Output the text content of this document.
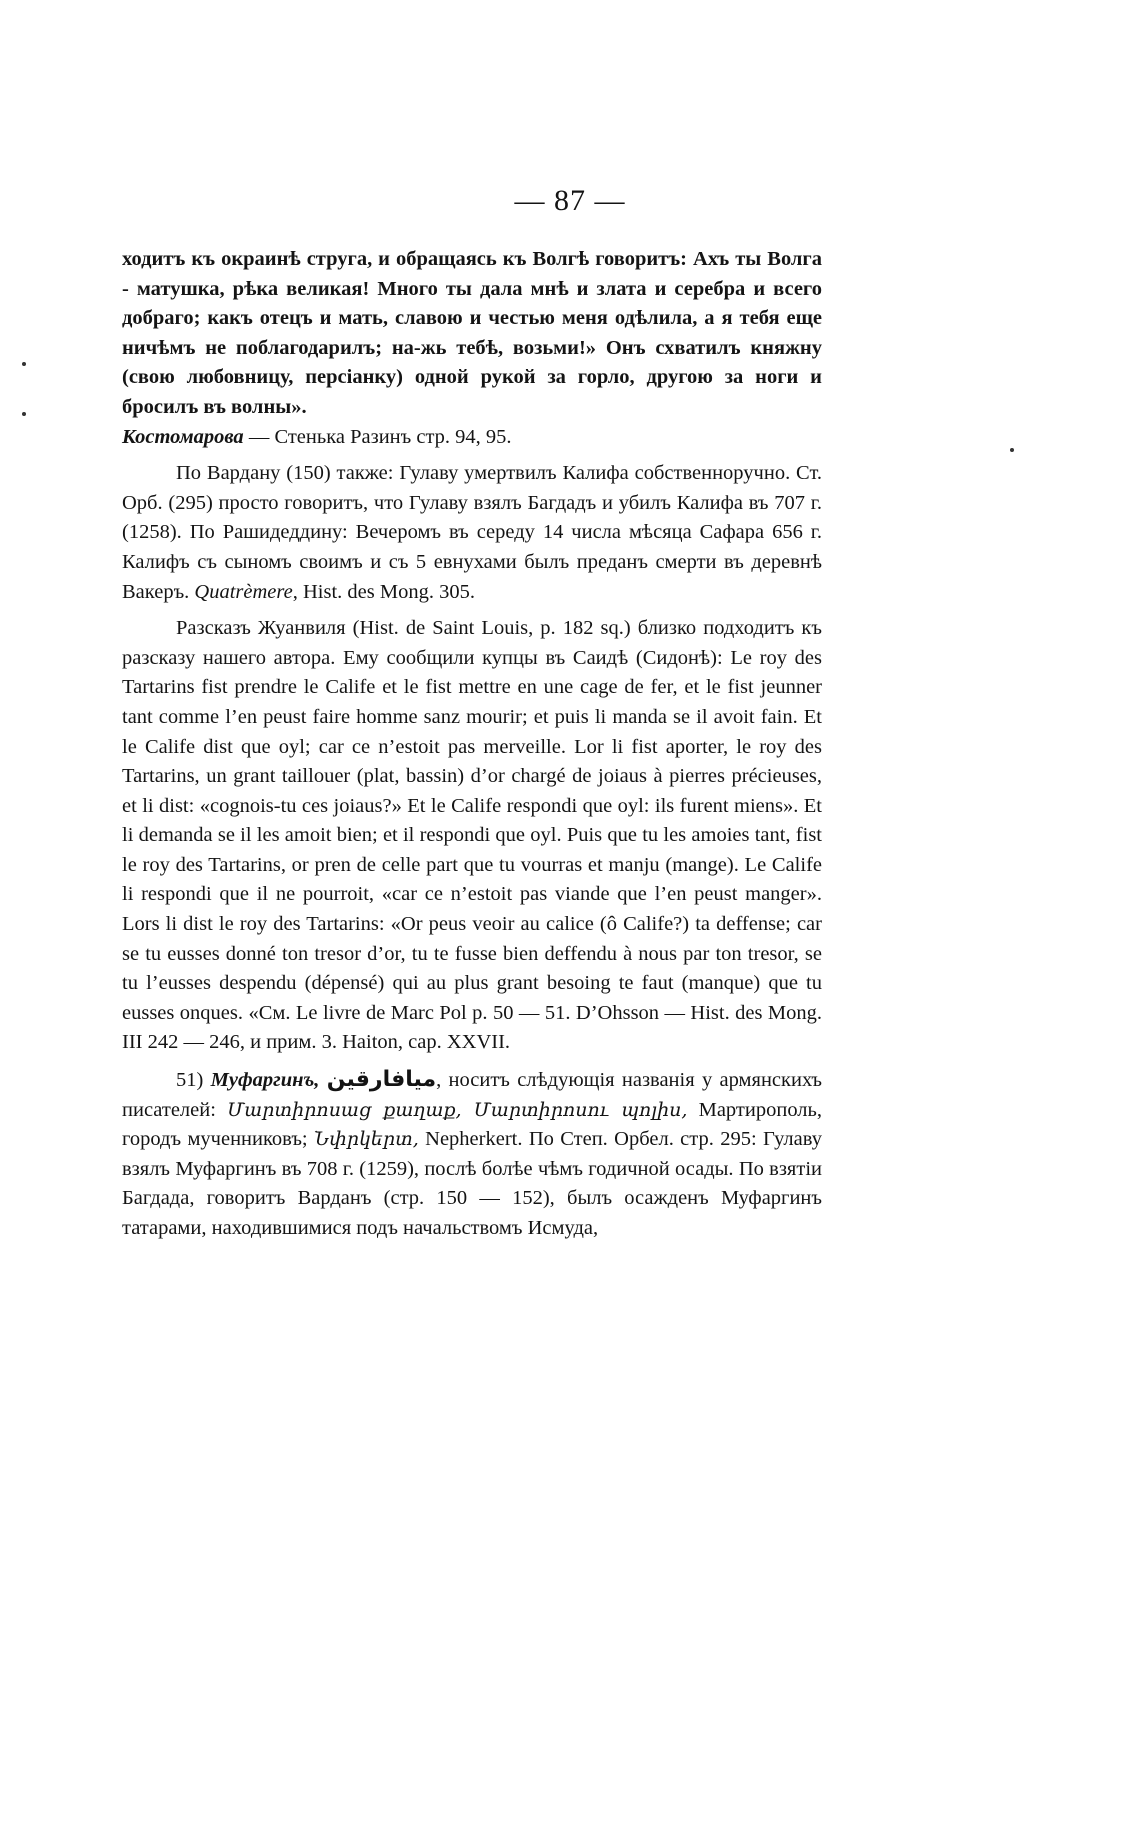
— 87 —

ходитъ къ окраинѣ струга, и обращаясь къ Волгѣ говоритъ: Ахъ ты Волга - матушка, рѣка великая! Много ты дала мнѣ и злата и серебра и всего добраго; какъ отецъ и мать, славою и честью меня одѣлила, а я тебя еще ничѣмъ не поблагодарилъ; на-жь тебѣ, возьми!» Онъ схватилъ княжну (свою любовницу, персіанку) одной рукой за горло, другою за ноги и бросилъ въ волны».
Костомарова — Стенька Разинъ стр. 94, 95.

По Вардану (150) также: Гулаву умертвилъ Калифа собственноручно. Ст. Орб. (295) просто говоритъ, что Гулаву взялъ Багдадъ и убилъ Калифа въ 707 г. (1258). По Рашидеддину: Вечеромъ въ середу 14 числа мѣсяца Сафара 656 г. Калифъ съ сыномъ своимъ и съ 5 евнухами былъ преданъ смерти въ деревнѣ Вакеръ. Quatrèmere, Hist. des Mong. 305.

Разсказъ Жуанвиля (Hist. de Saint Louis, p. 182 sq.) близко подходитъ къ разсказу нашего автора. Ему сообщили купцы въ Саидѣ (Сидонѣ): Le roy des Tartarins fist prendre le Calife et le fist mettre en une cage de fer, et le fist jeunner tant comme l’en peust faire homme sanz mourir; et puis li manda se il avoit fain. Et le Calife dist que oyl; car ce n’estoit pas merveille. Lor li fist aporter, le roy des Tartarins, un grant taillouer (plat, bassin) d’or chargé de joiaus à pierres précieuses, et li dist: «cognois-tu ces joiaus?» Et le Calife respondi que oyl: ils furent miens». Et li demanda se il les amoit bien; et il respondi que oyl. Puis que tu les amoies tant, fist le roy des Tartarins, or pren de celle part que tu vourras et manju (mange). Le Calife li respondi que il ne pourroit, «car ce n’estoit pas viande que l’en peust manger». Lors li dist le roy des Tartarins: «Or peus veoir au calice (ô Calife?) ta deffense; car se tu eusses donné ton tresor d’or, tu te fusse bien deffendu à nous par ton tresor, se tu l’eusses despendu (dépensé) qui au plus grant besoing te faut (manque) que tu eusses onques. «См. Le livre de Marc Pol p. 50 — 51. D’Ohsson — Hist. des Mong. III 242 — 246, и прим. 3. Haiton, cap. XXVII.

51) Муфаргинъ, میافارقین, носитъ слѣдующія названія у армянскихъ писателей: Մարտիրոսաց քաղաք, Մարտիրոսու պոլիս, Мартирополь, городъ мученниковъ; Նփրկերտ, Nepherkert. По Степ. Орбел. стр. 295: Гулаву взялъ Муфаргинъ въ 708 г. (1259), послѣ болѣе чѣмъ годичной осады. По взятіи Багдада, говоритъ Варданъ (стр. 150 — 152), былъ осажденъ Муфаргинъ татарами, находившимися подъ начальствомъ Исмуда,
